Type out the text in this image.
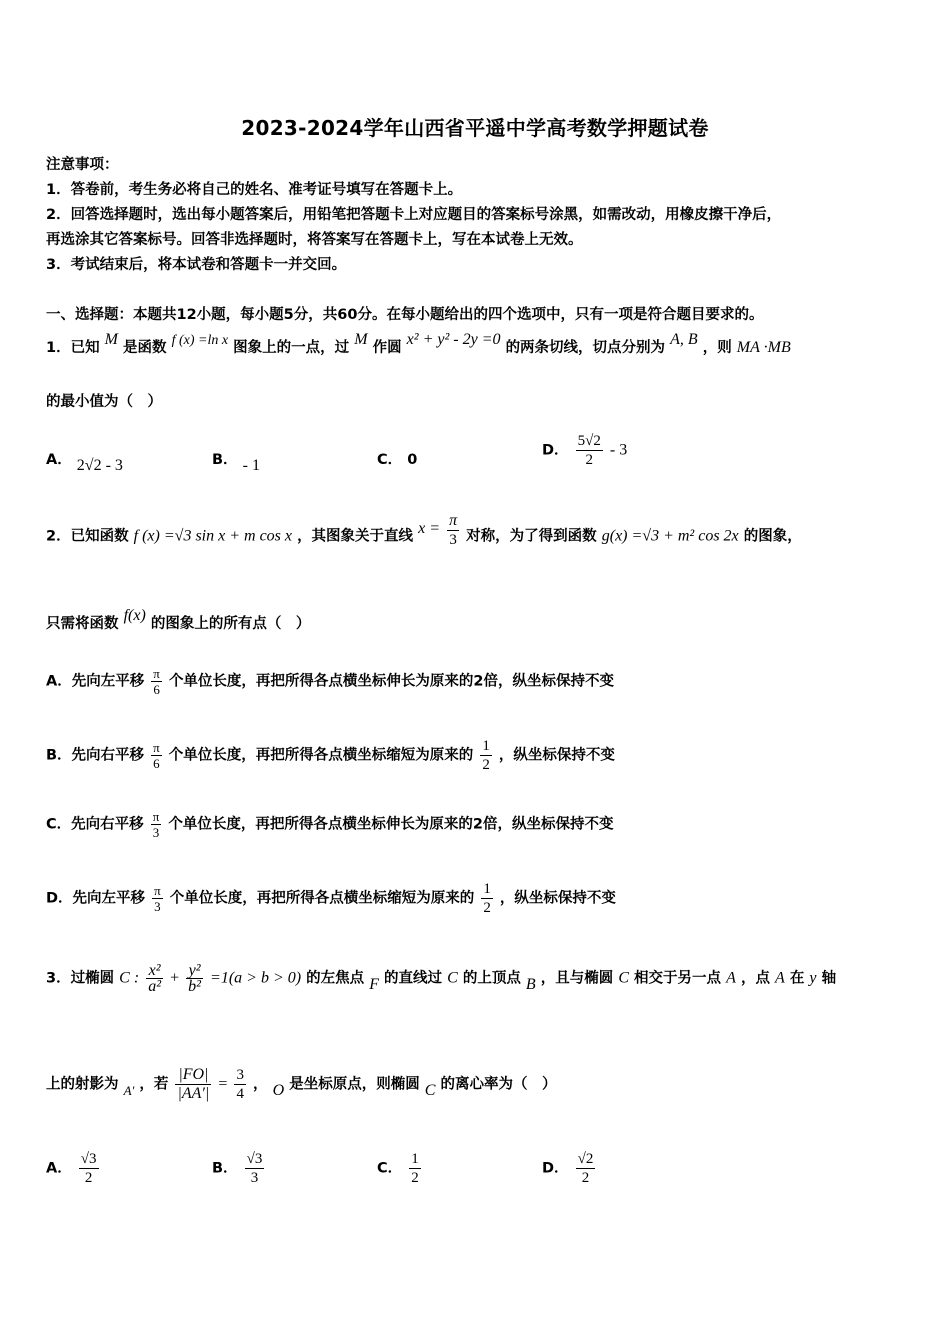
2023-2024学年山西省平遥中学高考数学押题试卷
注意事项：
1．答卷前，考生务必将自己的姓名、准考证号填写在答题卡上。
2．回答选择题时，选出每小题答案后，用铅笔把答题卡上对应题目的答案标号涂黑，如需改动，用橡皮擦干净后，
再选涂其它答案标号。回答非选择题时，将答案写在答题卡上，写在本试卷上无效。
3．考试结束后，将本试卷和答题卡一并交回。
一、选择题：本题共12小题，每小题5分，共60分。在每小题给出的四个选项中，只有一项是符合题目要求的。
1．已知 M 是函数 f (x) =ln x 图象上的一点，过 M 作圆 x² + y² - 2y =0 的两条切线，切点分别为 A, B ，则 MA ·MB
的最小值为（　）
A． 2√2 - 3	B． - 1	C． 0
D． $\frac{5√2}{2} - 3$
2．已知函数 f (x) =√3 sin x + m cos x ，其图象关于直线 $x = \frac{\pi}{3}$ 对称，为了得到函数 g(x) =√3 + m² cos 2x 的图象，
只需将函数 f(x) 的图象上的所有点（　）
A．先向左平移 $\frac{\pi}{6}$ 个单位长度，再把所得各点横坐标伸长为原来的2倍，纵坐标保持不变
B．先向右平移 $\frac{\pi}{6}$ 个单位长度，再把所得各点横坐标缩短为原来的 $\frac{1}{2}$ ，纵坐标保持不变
C．先向右平移 $\frac{\pi}{3}$ 个单位长度，再把所得各点横坐标伸长为原来的2倍，纵坐标保持不变
D．先向左平移 $\frac{\pi}{3}$ 个单位长度，再把所得各点横坐标缩短为原来的 $\frac{1}{2}$ ，纵坐标保持不变
3．过椭圆 C : $\frac{\text{x²}}{\text{a²}} + \frac{\text{y²}}{\text{b²}} =1(a > b > 0)$ 的左焦点 F 的直线过 C 的上顶点 B ，且与椭圆 C 相交于另一点 A ，点 A 在 y 轴
上的射影为 A′ ，若 $\frac{|FO|}{|AA'|} = \frac{3}{4}$ ， O 是坐标原点，则椭圆 C 的离心率为（　）
A． $\frac{√3}{2}$	B． $\frac{√3}{3}$	C． $\frac{1}{2}$	D． $\frac{√2}{2}$
